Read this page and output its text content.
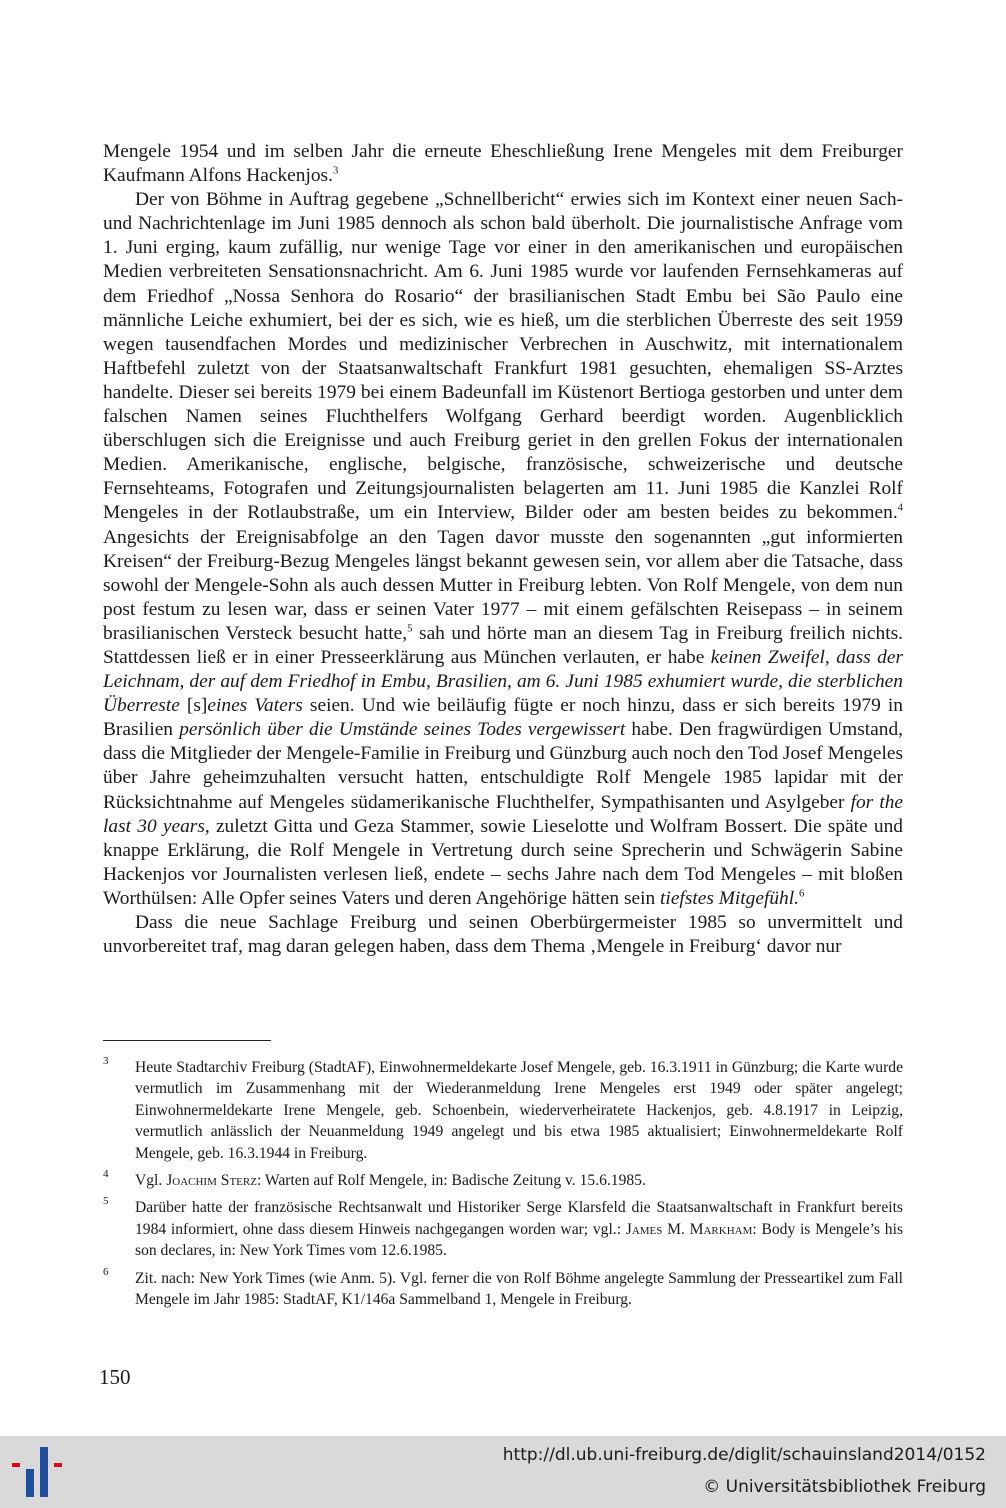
Mengele 1954 und im selben Jahr die erneute Eheschließung Irene Mengeles mit dem Freiburger Kaufmann Alfons Hackenjos.$^3$

Der von Böhme in Auftrag gegebene „Schnellbericht“ erwies sich im Kontext einer neuen Sach- und Nachrichtenlage im Juni 1985 dennoch als schon bald überholt. Die journalistische Anfrage vom 1. Juni erging, kaum zufällig, nur wenige Tage vor einer in den amerikanischen und europäischen Medien verbreiteten Sensationsnachricht. Am 6. Juni 1985 wurde vor laufenden Fernsehkameras auf dem Friedhof „Nossa Senhora do Rosario“ der brasilianischen Stadt Embu bei São Paulo eine männliche Leiche exhumiert, bei der es sich, wie es hieß, um die sterblichen Überreste des seit 1959 wegen tausendfachen Mordes und medizinischer Verbrechen in Auschwitz, mit internationalem Haftbefehl zuletzt von der Staatsanwaltschaft Frankfurt 1981 gesuchten, ehemaligen SS-Arztes handelte. Dieser sei bereits 1979 bei einem Badeunfall im Küstenort Bertioga gestorben und unter dem falschen Namen seines Fluchthelfers Wolfgang Gerhard beerdigt worden. Augenblicklich überschlugen sich die Ereignisse und auch Freiburg geriet in den grellen Fokus der internationalen Medien. Amerikanische, englische, belgische, französische, schweizerische und deutsche Fernsehteams, Fotografen und Zeitungsjournalisten belagerten am 11. Juni 1985 die Kanzlei Rolf Mengeles in der Rotlaubstraße, um ein Interview, Bilder oder am besten beides zu bekommen.$^4$ Angesichts der Ereignisabfolge an den Tagen davor musste den sogenannten „gut informierten Kreisen“ der Freiburg-Bezug Mengeles längst bekannt gewesen sein, vor allem aber die Tatsache, dass sowohl der Mengele-Sohn als auch dessen Mutter in Freiburg lebten. Von Rolf Mengele, von dem nun post festum zu lesen war, dass er seinen Vater 1977 – mit einem gefälschten Reisepass – in seinem brasilianischen Versteck besucht hatte,$^5$ sah und hörte man an diesem Tag in Freiburg freilich nichts. Stattdessen ließ er in einer Presseerklärung aus München verlauten, er habe keinen Zweifel, dass der Leichnam, der auf dem Friedhof in Embu, Brasilien, am 6. Juni 1985 exhumiert wurde, die sterblichen Überreste [s]eines Vaters seien. Und wie beiläufig fügte er noch hinzu, dass er sich bereits 1979 in Brasilien persönlich über die Umstände seines Todes vergewissert habe. Den fragwürdigen Umstand, dass die Mitglieder der Mengele-Familie in Freiburg und Günzburg auch noch den Tod Josef Mengeles über Jahre geheimzuhalten versucht hatten, entschuldigte Rolf Mengele 1985 lapidar mit der Rücksichtnahme auf Mengeles südamerikanische Fluchthelfer, Sympathisanten und Asylgeber for the last 30 years, zuletzt Gitta und Geza Stammer, sowie Lieselotte und Wolfram Bossert. Die späte und knappe Erklärung, die Rolf Mengele in Vertretung durch seine Sprecherin und Schwägerin Sabine Hackenjos vor Journalisten verlesen ließ, endete – sechs Jahre nach dem Tod Mengeles – mit bloßen Worthülsen: Alle Opfer seines Vaters und deren Angehörige hätten sein tiefstes Mitgefühl.$^6$

Dass die neue Sachlage Freiburg und seinen Oberbürgermeister 1985 so unvermittelt und unvorbereitet traf, mag daran gelegen haben, dass dem Thema ‚Mengele in Freiburg‘ davor nur

3 Heute Stadtarchiv Freiburg (StadtAF), Einwohnermeldekarte Josef Mengele, geb. 16.3.1911 in Günzburg; die Karte wurde vermutlich im Zusammenhang mit der Wiederanmeldung Irene Mengeles erst 1949 oder später angelegt; Einwohnermeldekarte Irene Mengele, geb. Schoenbein, wiederverheiratete Hackenjos, geb. 4.8.1917 in Leipzig, vermutlich anlässlich der Neuanmeldung 1949 angelegt und bis etwa 1985 aktualisiert; Einwohnermeldekarte Rolf Mengele, geb. 16.3.1944 in Freiburg.
4 Vgl. Joachim Sterz: Warten auf Rolf Mengele, in: Badische Zeitung v. 15.6.1985.
5 Darüber hatte der französische Rechtsanwalt und Historiker Serge Klarsfeld die Staatsanwaltschaft in Frankfurt bereits 1984 informiert, ohne dass diesem Hinweis nachgegangen worden war; vgl.: James M. Markham: Body is Mengele’s his son declares, in: New York Times vom 12.6.1985.
6 Zit. nach: New York Times (wie Anm. 5). Vgl. ferner die von Rolf Böhme angelegte Sammlung der Presseartikel zum Fall Mengele im Jahr 1985: StadtAF, K1/146a Sammelband 1, Mengele in Freiburg.
150
http://dl.ub.uni-freiburg.de/diglit/schauinsland2014/0152
© Universitätsbibliothek Freiburg
